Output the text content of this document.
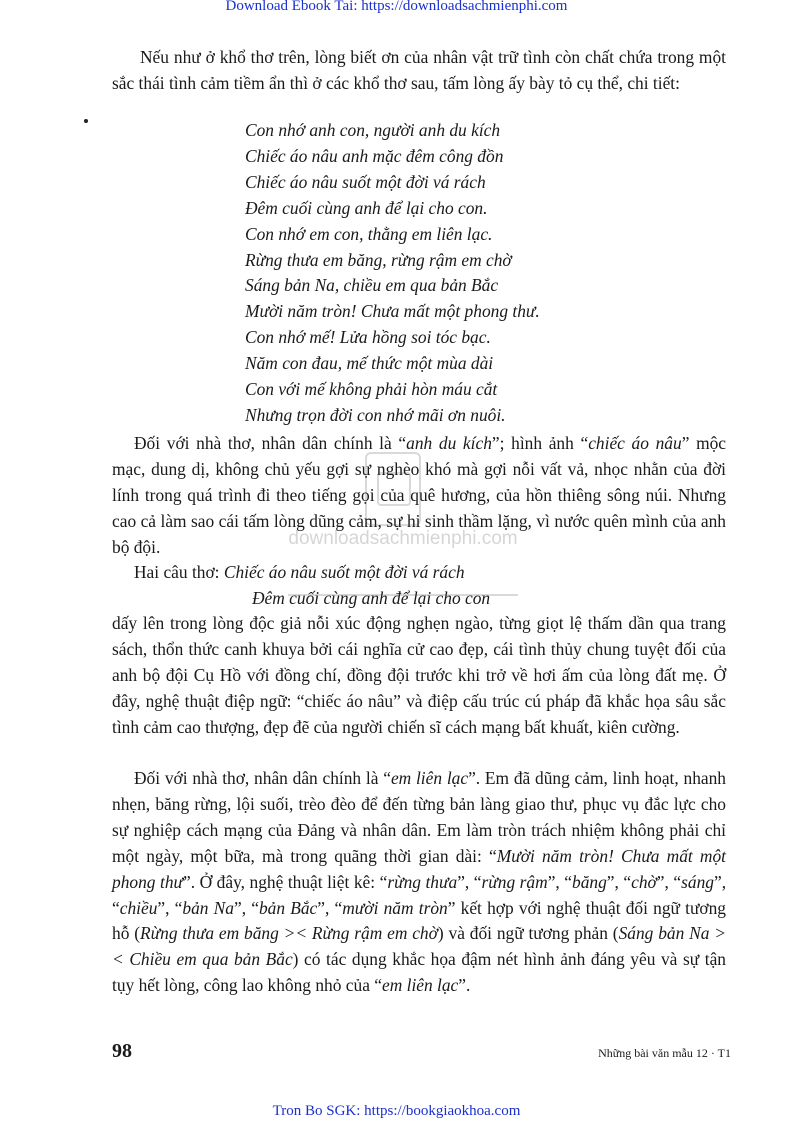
Download Ebook Tai: https://downloadsachmienphi.com

Nếu như ở khổ thơ trên, lòng biết ơn của nhân vật trữ tình còn chất chứa trong một sắc thái tình cảm tiềm ẩn thì ở các khổ thơ sau, tấm lòng ấy bày tỏ cụ thể, chi tiết:

Con nhớ anh con, người anh du kích
Chiếc áo nâu anh mặc đêm công đồn
Chiếc áo nâu suốt một đời vá rách
Đêm cuối cùng anh để lại cho con.
Con nhớ em con, thằng em liên lạc.
Rừng thưa em băng, rừng rậm em chờ
Sáng bản Na, chiều em qua bản Bắc
Mười năm tròn! Chưa mất một phong thư.
Con nhớ mế! Lửa hồng soi tóc bạc.
Năm con đau, mế thức một mùa dài
Con với mế không phải hòn máu cắt
Nhưng trọn đời con nhớ mãi ơn nuôi.

Đối với nhà thơ, nhân dân chính là “anh du kích”; hình ảnh “chiếc áo nâu” mộc mạc, dung dị, không chủ yếu gợi sự nghèo khó mà gợi nỗi vất vả, nhọc nhằn của đời lính trong quá trình đi theo tiếng gọi của quê hương, của hồn thiêng sông núi. Nhưng cao cả làm sao cái tấm lòng dũng cảm, sự hi sinh thầm lặng, vì nước quên mình của anh bộ đội.

Hai câu thơ: Chiếc áo nâu suốt một đời vá rách
Đêm cuối cùng anh để lại cho con

dấy lên trong lòng độc giả nỗi xúc động nghẹn ngào, từng giọt lệ thấm dần qua trang sách, thổn thức canh khuya bởi cái nghĩa cử cao đẹp, cái tình thủy chung tuyệt đối của anh bộ đội Cụ Hồ với đồng chí, đồng đội trước khi trở về hơi ấm của lòng đất mẹ. Ở đây, nghệ thuật điệp ngữ: “chiếc áo nâu” và điệp cấu trúc cú pháp đã khắc họa sâu sắc tình cảm cao thượng, đẹp đẽ của người chiến sĩ cách mạng bất khuất, kiên cường.

Đối với nhà thơ, nhân dân chính là “em liên lạc”. Em đã dũng cảm, linh hoạt, nhanh nhẹn, băng rừng, lội suối, trèo đèo để đến từng bản làng giao thư, phục vụ đắc lực cho sự nghiệp cách mạng của Đảng và nhân dân. Em làm tròn trách nhiệm không phải chỉ một ngày, một bữa, mà trong quãng thời gian dài: “Mười năm tròn! Chưa mất một phong thư”. Ở đây, nghệ thuật liệt kê: “rừng thưa”, “rừng rậm”, “băng”, “chờ”, “sáng”, “chiều”, “bản Na”, “bản Bắc”, “mười năm tròn” kết hợp với nghệ thuật đối ngữ tương hỗ (Rừng thưa em băng >< Rừng rậm em chờ) và đối ngữ tương phản (Sáng bản Na >< Chiều em qua bản Bắc) có tác dụng khắc họa đậm nét hình ảnh đáng yêu và sự tận tụy hết lòng, công lao không nhỏ của “em liên lạc”.

98	Những bài văn mẫu 12 · T1
downloadsachmienphi.com
Tron Bo SGK: https://bookgiaokhoa.com
